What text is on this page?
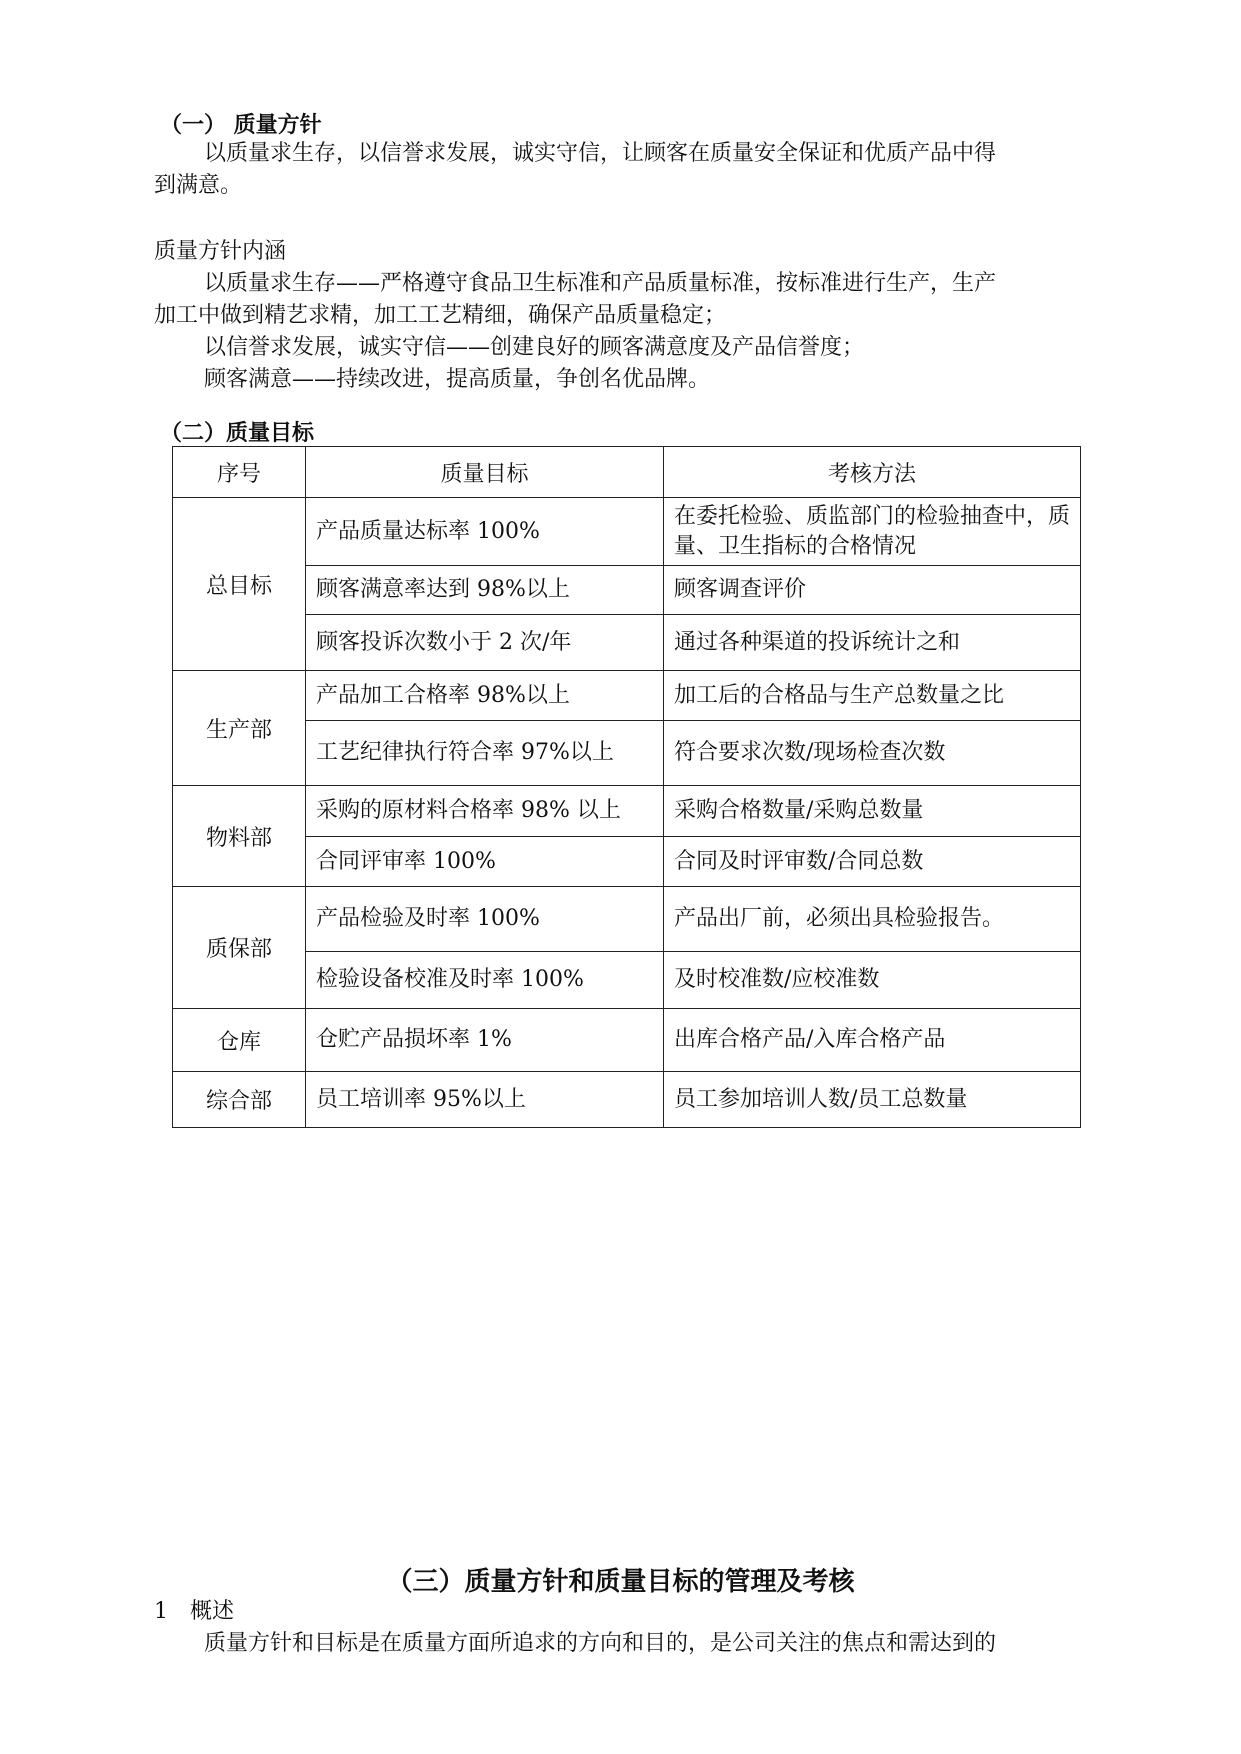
（一） 质量方针
以质量求生存，以信誉求发展，诚实守信，让顾客在质量安全保证和优质产品中得
到满意。
质量方针内涵
以质量求生存——严格遵守食品卫生标准和产品质量标准，按标准进行生产，生产
加工中做到精艺求精，加工工艺精细，确保产品质量稳定；
以信誉求发展，诚实守信——创建良好的顾客满意度及产品信誉度；
顾客满意——持续改进，提高质量，争创名优品牌。
（二）质量目标
序号	质量目标	考核方法
总目标	产品质量达标率 100%	在委托检验、质监部门的检验抽查中，质量、卫生指标的合格情况
	顾客满意率达到 98%以上	顾客调查评价
	顾客投诉次数小于 2 次/年	通过各种渠道的投诉统计之和
生产部	产品加工合格率 98%以上	加工后的合格品与生产总数量之比
	工艺纪律执行符合率 97%以上	符合要求次数/现场检查次数
物料部	采购的原材料合格率 98% 以上	采购合格数量/采购总数量
	合同评审率 100%	合同及时评审数/合同总数
质保部	产品检验及时率 100%	产品出厂前，必须出具检验报告。
	检验设备校准及时率 100%	及时校准数/应校准数
仓库	仓贮产品损坏率 1%	出库合格产品/入库合格产品
综合部	员工培训率 95%以上	员工参加培训人数/员工总数量
（三）质量方针和质量目标的管理及考核
1 概述
质量方针和目标是在质量方面所追求的方向和目的，是公司关注的焦点和需达到的
